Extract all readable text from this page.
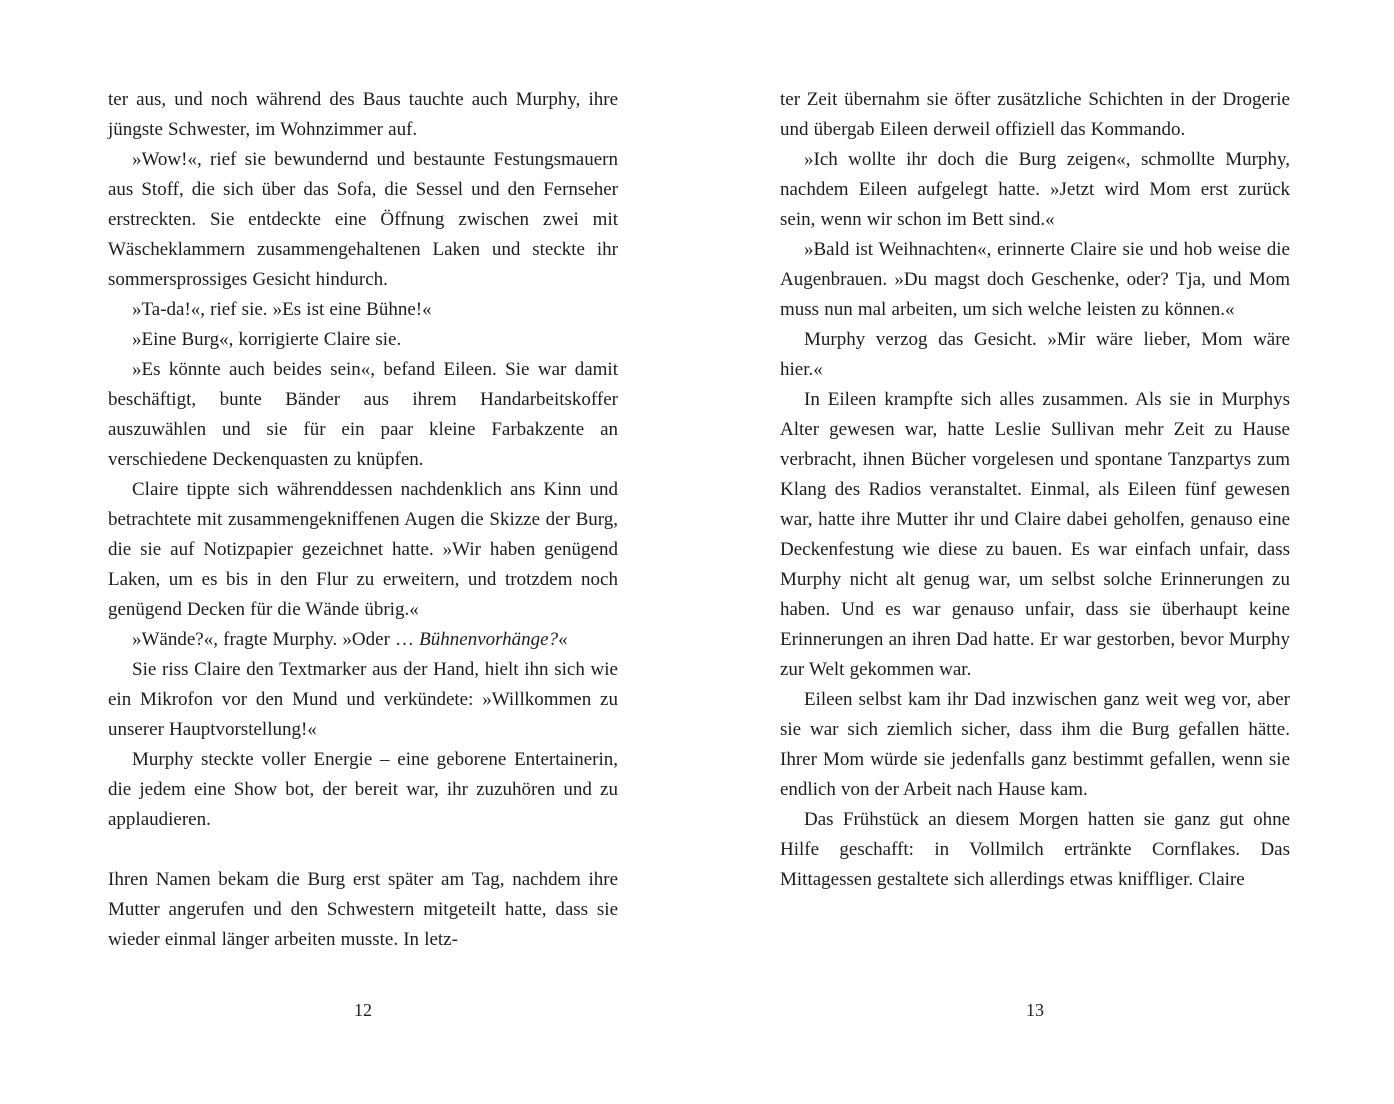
ter aus, und noch während des Baus tauchte auch Murphy, ihre jüngste Schwester, im Wohnzimmer auf.

»Wow!«, rief sie bewundernd und bestaunte Festungsmauern aus Stoff, die sich über das Sofa, die Sessel und den Fernseher erstreckten. Sie entdeckte eine Öffnung zwischen zwei mit Wäscheklammern zusammengehaltenen Laken und steckte ihr sommersprossiges Gesicht hindurch.

»Ta-da!«, rief sie. »Es ist eine Bühne!«

»Eine Burg«, korrigierte Claire sie.

»Es könnte auch beides sein«, befand Eileen. Sie war damit beschäftigt, bunte Bänder aus ihrem Handarbeitskoffer auszuwählen und sie für ein paar kleine Farbakzente an verschiedene Deckenquasten zu knüpfen.

Claire tippte sich währenddessen nachdenklich ans Kinn und betrachtete mit zusammengekniffenen Augen die Skizze der Burg, die sie auf Notizpapier gezeichnet hatte. »Wir haben genügend Laken, um es bis in den Flur zu erweitern, und trotzdem noch genügend Decken für die Wände übrig.«

»Wände?«, fragte Murphy. »Oder … Bühnenvorhänge?«

Sie riss Claire den Textmarker aus der Hand, hielt ihn sich wie ein Mikrofon vor den Mund und verkündete: »Willkommen zu unserer Hauptvorstellung!«

Murphy steckte voller Energie – eine geborene Entertainerin, die jedem eine Show bot, der bereit war, ihr zuzuhören und zu applaudieren.

Ihren Namen bekam die Burg erst später am Tag, nachdem ihre Mutter angerufen und den Schwestern mitgeteilt hatte, dass sie wieder einmal länger arbeiten musste. In letz-

12

ter Zeit übernahm sie öfter zusätzliche Schichten in der Drogerie und übergab Eileen derweil offiziell das Kommando.

»Ich wollte ihr doch die Burg zeigen«, schmollte Murphy, nachdem Eileen aufgelegt hatte. »Jetzt wird Mom erst zurück sein, wenn wir schon im Bett sind.«

»Bald ist Weihnachten«, erinnerte Claire sie und hob weise die Augenbrauen. »Du magst doch Geschenke, oder? Tja, und Mom muss nun mal arbeiten, um sich welche leisten zu können.«

Murphy verzog das Gesicht. »Mir wäre lieber, Mom wäre hier.«

In Eileen krampfte sich alles zusammen. Als sie in Murphys Alter gewesen war, hatte Leslie Sullivan mehr Zeit zu Hause verbracht, ihnen Bücher vorgelesen und spontane Tanzpartys zum Klang des Radios veranstaltet. Einmal, als Eileen fünf gewesen war, hatte ihre Mutter ihr und Claire dabei geholfen, genauso eine Deckenfestung wie diese zu bauen. Es war einfach unfair, dass Murphy nicht alt genug war, um selbst solche Erinnerungen zu haben. Und es war genauso unfair, dass sie überhaupt keine Erinnerungen an ihren Dad hatte. Er war gestorben, bevor Murphy zur Welt gekommen war.

Eileen selbst kam ihr Dad inzwischen ganz weit weg vor, aber sie war sich ziemlich sicher, dass ihm die Burg gefallen hätte. Ihrer Mom würde sie jedenfalls ganz bestimmt gefallen, wenn sie endlich von der Arbeit nach Hause kam.

Das Frühstück an diesem Morgen hatten sie ganz gut ohne Hilfe geschafft: in Vollmilch ertränkte Cornflakes. Das Mittagessen gestaltete sich allerdings etwas kniffliger. Claire

13
